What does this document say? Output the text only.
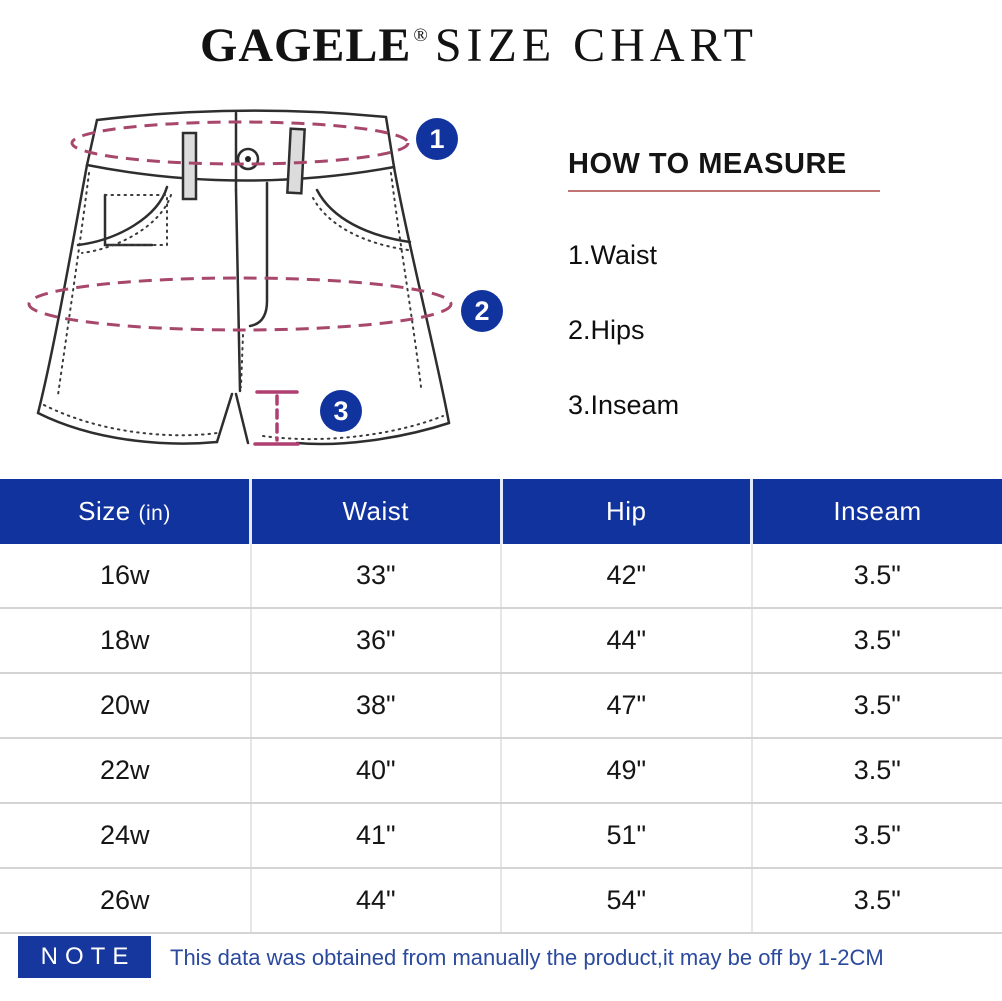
GAGELE ® SIZE CHART
1
2
3
HOW TO MEASURE
1.Waist
2.Hips
3.Inseam
Size (in)	Waist	Hip	Inseam
16w	33"	42"	3.5"
18w	36"	44"	3.5"
20w	38"	47"	3.5"
22w	40"	49"	3.5"
24w	41"	51"	3.5"
26w	44"	54"	3.5"
NOTE	This data was obtained from manually the product,it may be off by 1-2CM
